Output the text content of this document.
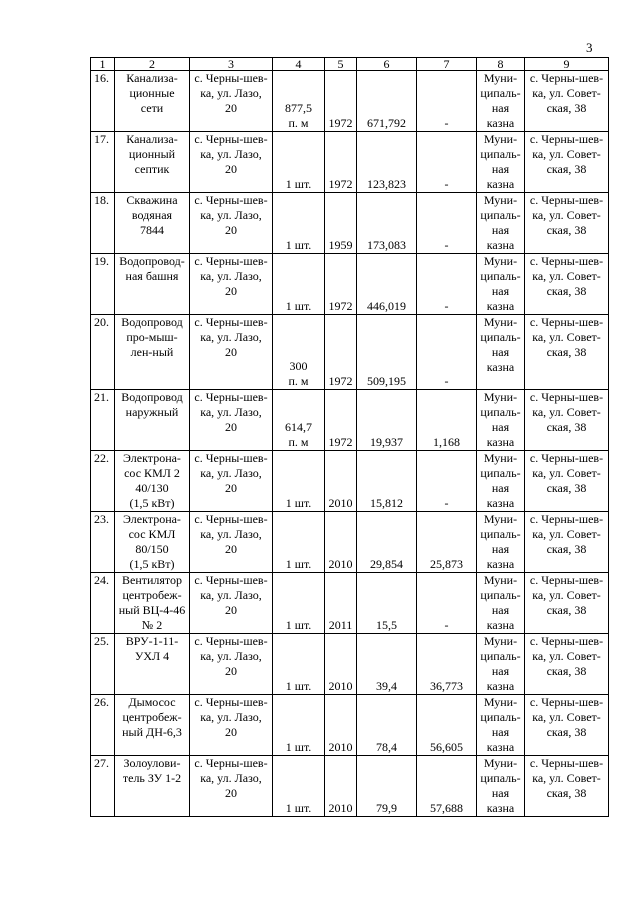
3
1	2	3	4	5	6	7	8	9
16.	Канализа-
ционные
сети	с. Черны-шев-
ка, ул. Лазо,
20	877,5
п. м	1972	671,792	-	Муни-
ципаль-
ная
казна	с. Черны-шев-
ка, ул. Совет-
ская, 38
17.	Канализа-
ционный
септик	с. Черны-шев-
ка, ул. Лазо,
20	1 шт.	1972	123,823	-	Муни-
ципаль-
ная
казна	с. Черны-шев-
ка, ул. Совет-
ская, 38
18.	Скважина
водяная
7844	с. Черны-шев-
ка, ул. Лазо,
20	1 шт.	1959	173,083	-	Муни-
ципаль-
ная
казна	с. Черны-шев-
ка, ул. Совет-
ская, 38
19.	Водопровод-
ная башня	с. Черны-шев-
ка, ул. Лазо,
20	1 шт.	1972	446,019	-	Муни-
ципаль-
ная
казна	с. Черны-шев-
ка, ул. Совет-
ская, 38
20.	Водопровод
про-мыш-
лен-ный	с. Черны-шев-
ка, ул. Лазо,
20	300
п. м	1972	509,195	-	Муни-
ципаль-
ная
казна	с. Черны-шев-
ка, ул. Совет-
ская, 38
21.	Водопровод
наружный	с. Черны-шев-
ка, ул. Лазо,
20	614,7
п. м	1972	19,937	1,168	Муни-
ципаль-
ная
казна	с. Черны-шев-
ка, ул. Совет-
ская, 38
22.	Электрона-
сос КМЛ 2
40/130
(1,5 кВт)	с. Черны-шев-
ка, ул. Лазо,
20	1 шт.	2010	15,812	-	Муни-
ципаль-
ная
казна	с. Черны-шев-
ка, ул. Совет-
ская, 38
23.	Электрона-
сос КМЛ
80/150
(1,5 кВт)	с. Черны-шев-
ка, ул. Лазо,
20	1 шт.	2010	29,854	25,873	Муни-
ципаль-
ная
казна	с. Черны-шев-
ка, ул. Совет-
ская, 38
24.	Вентилятор
центробеж-
ный ВЦ-4-46
№ 2	с. Черны-шев-
ка, ул. Лазо,
20	1 шт.	2011	15,5	-	Муни-
ципаль-
ная
казна	с. Черны-шев-
ка, ул. Совет-
ская, 38
25.	ВРУ-1-11-
УХЛ 4	с. Черны-шев-
ка, ул. Лазо,
20	1 шт.	2010	39,4	36,773	Муни-
ципаль-
ная
казна	с. Черны-шев-
ка, ул. Совет-
ская, 38
26.	Дымосос
центробеж-
ный ДН-6,3	с. Черны-шев-
ка, ул. Лазо,
20	1 шт.	2010	78,4	56,605	Муни-
ципаль-
ная
казна	с. Черны-шев-
ка, ул. Совет-
ская, 38
27.	Золоулови-
тель ЗУ 1-2	с. Черны-шев-
ка, ул. Лазо,
20	1 шт.	2010	79,9	57,688	Муни-
ципаль-
ная
казна	с. Черны-шев-
ка, ул. Совет-
ская, 38
